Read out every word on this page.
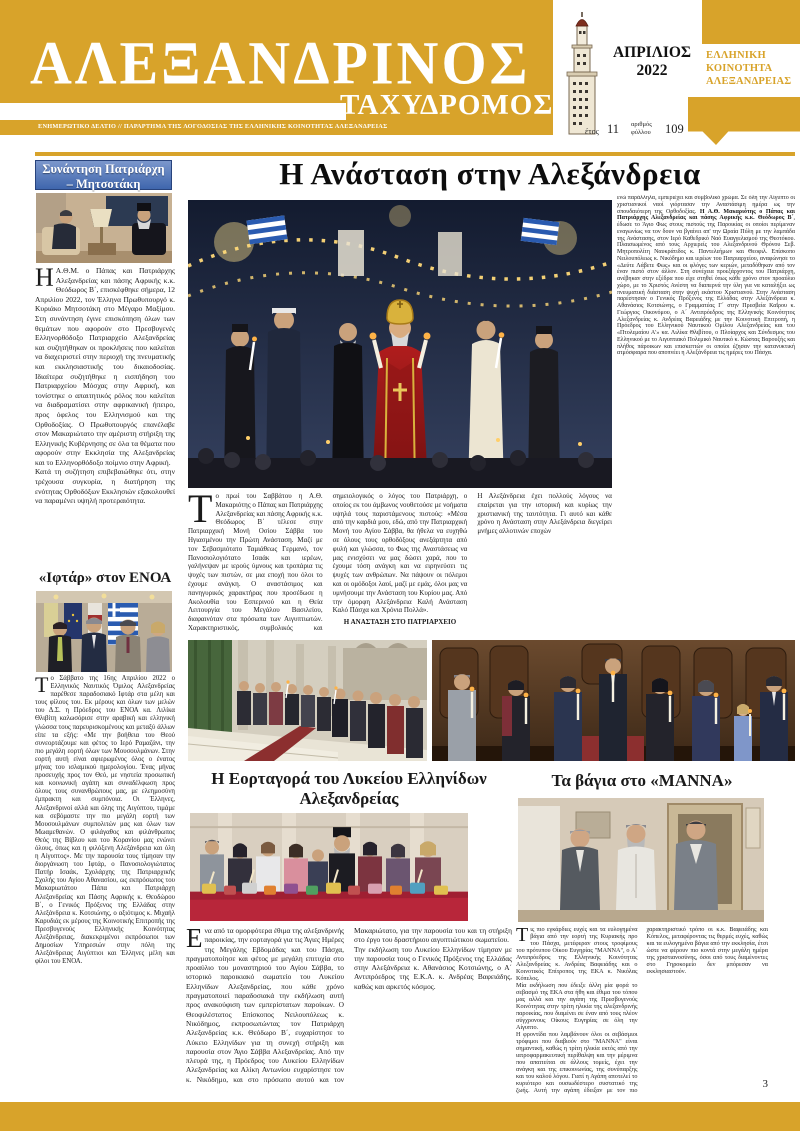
ΑΛΕΞΑΝΔΡΙΝΟΣ
ΤΑΧΥΔΡΟΜΟΣ
ΕΝΗΜΕΡΩΤΙΚΟ ΔΕΛΤΙΟ // ΠΑΡΑΡΤΗΜΑ ΤΗΣ ΛΟΓΟΔΟΣΙΑΣ ΤΗΣ ΕΛΛΗΝΙΚΗΣ ΚΟΙΝΟΤΗΤΑΣ ΑΛΕΞΑΝΔΡΕΙΑΣ
ΑΠΡΙΛΙΟΣ
2022
έτος 11 αριθμός
φύλλου 109
ΕΛΛΗΝΙΚΗ
ΚΟΙΝΟΤΗΤΑ
ΑΛΕΞΑΝΔΡΕΙΑΣ
Συνάντηση Πατριάρχη
– Μητσοτάκη

Η Α.Θ.Μ. ο Πάπας και Πατριάρχης Αλεξανδρείας και πάσης Αφρικής κ.κ. Θεόδωρος Β΄, επισκέφθηκε σήμερα, 12 Απριλίου 2022, τον Έλληνα Πρωθυπουργό κ. Κυριάκο Μητσοτάκη στο Μέγαρο Μαξίμου. Στη συνάντηση έγινε επισκόπηση όλων των θεμάτων που αφορούν στο Πρεσβυγενές Ελληνορθόδοξο Πατριαρχείο Αλεξανδρείας και συζητήθηκαν οι προκλήσεις που καλείται να διαχειριστεί στην περιοχή της πνευματικής και εκκλησιαστικής του δικαιοδοσίας. Ιδιαίτερα συζητήθηκε η εισπήδηση του Πατριαρχείου Μόσχας στην Αφρική, και τονίστηκε ο απαιτητικός ρόλος που καλείται να διαδραματίσει στην αφρικανική ήπειρο, προς όφελος του Ελληνισμού και της Ορθοδοξίας. Ο Πρωθυπουργός επανέλαβε στον Μακαριώτατο την αμέριστη στήριξη της Ελληνικής Κυβέρνησης σε όλα τα θέματα που αφορούν στην Εκκλησία της Αλεξανδρείας και το Ελληνορθόδοξο ποίμνιο στην Αφρική.

Κατά τη συζήτηση επιβεβαιώθηκε ότι, στην τρέχουσα συγκυρία, η διατήρηση της ενότητας Ορθοδόξων Εκκλησιών εξακολουθεί να παραμένει υψηλή προτεραιότητα.

«Ιφτάρ» στον ΕΝΟΑ

Το Σάββατο της 16ης Απριλίου 2022 ο Ελληνικός Ναυτικός Όμιλος Αλεξανδρείας παρέθεσε παραδοσιακό Ιφτάρ στα μέλη και τους φίλους του. Εκ μέρους και όλων των μελών του Δ.Σ. η Πρόεδρος του ΕΝΟΑ κα. Λιλίκα Θλιβίτη καλωσόρισε στην αραβική και ελληνική γλώσσα τους παρευρισκομένους και μεταξύ άλλων είπε τα εξής: «Με την βοήθεια του Θεού συνεορτάζουμε και φέτος το Ιερό Ραμαζάνι, την πιο μεγάλη εορτή όλων των Μουσουλμάνων. Στην εορτή αυτή είναι αφιερωμένος όλος ο ένατος μήνας του ισλαμικού ημερολογίου. Ένας μήνας προσευχής προς τον Θεό, με νηστεία προσωπική και κοινωνική αγάπη και συναδέλφωση προς όλους τους συνανθρώπους μας, με ελεημοσύνη έμπρακτη και συμπόνοια. Οι Έλληνες, Αλεξανδρινοί αλλά και όλης της Αιγύπτου, τιμάμε και σεβόμαστε την πιο μεγάλη εορτή των Μουσουλμάνων συμπολιτών μας και όλων των Μωαμεθανών. Ο φιλάγαθος και φιλάνθρωπος Θεός της Βίβλου και του Κορανίου μας ενώνει όλους, όπως και η φιλόξενη Αλεξάνδρεια και όλη η Αίγυπτος». Με την παρουσία τους τίμησαν την διοργάνωση του Ιφτάρ, ο Πανοσιολογιώτατος Πατήρ Ισαάκ, Σχολάρχης της Πατριαρχικής Σχολής του Αγίου Αθανασίου, ως εκπρόσωπος του Μακαριωτάτου Πάπα και Πατριάρχη Αλεξανδρείας και Πάσης Αφρικής κ. Θεοδώρου Β΄, ο Γενικός Πρόξενος της Ελλάδας στην Αλεξάνδρεια κ. Κοτσιώνης, ο αξιότιμος κ. Μιχαήλ Καρυδιάς εκ μέρους της Κοινοτικής Επιτροπής της Πρεσβυγενούς Ελληνικής Κοινότητας Αλεξάνδρειας, διακεκριμένοι εκπρόσωποι των Δημοσίων Υπηρεσιών στην πόλη της Αλεξάνδρειας Αιγύπτιοι και Έλληνες μέλη και φίλοι του ΕΝΟΑ.

Η Ανάσταση στην Αλεξάνδρεια

Το πρωί του Σαββάτου η Α.Θ. Μακαριότης ο Πάπας και Πατριάρχης Αλεξανδρείας και πάσης Αφρικής κ.κ. Θεόδωρος Β΄ τέλεσε στην Πατριαρχική Μονή Οσίου Σάββα του Ηγιασμένου την Πρώτη Ανάσταση. Μαζί με τον Σεβασμιότατο Ταμιάθεως Γερμανό, τον Πανοσιολογιότατο Ισαάκ και ιερέων, γαλήνεψαν με ιερούς ύμνους και τροπάρια τις ψυχές των πιστών, σε μια εποχή που όλοι το έχουμε ανάγκη. Ο αναστάσιμος και πανηγυρικός χαρακτήρας που προσέδωσε η Ακολουθία του Εσπερινού και η Θεία Λειτουργία του Μεγάλου Βασιλείου, διαφαινόταν στα πρόσωπα των Αιγυπτιωτών. Χαρακτηριστικός, συμβολικός και σημειολογικός ο λόγος του Πατριάρχη, ο οποίος εκ του άμβωνος νουθετούσε με νοήματα υψηλά τους παριστάμενους πιστούς: «Μέσα από την καρδιά μου, εδώ, από την Πατριαρχική Μονή του Αγίου Σάββα, θα ήθελα να ευχηθώ σε όλους τους ορθοδόξους ανεξάρτητα από φυλή και γλώσσα, το Φως της Αναστάσεως να μας ενισχύσει να μας δώσει χαρά, που το έχουμε τόση ανάγκη και να ειρηνεύσει τις ψυχές των ανθρώπων. Να πάψουν οι πόλεμοι και οι ομόδοξοι λαοί, μαζί με εμάς, όλοι μας να υμνήσουμε την Ανάσταση του Κυρίου μας. Από την όμορφη Αλεξάνδρεια Καλή Ανάσταση Καλό Πάσχα και Χρόνια Πολλά».

Η ΑΝΑΣΤΑΣΗ ΣΤΟ ΠΑΤΡΙΑΡΧΕΙΟ

Η Αλεξάνδρεια έχει πολλούς λόγους να επαίρεται για την ιστορική και κυρίως την χριστιανική της ταυτότητα. Γι αυτό και κάθε χρόνο η Ανάσταση στην Αλεξάνδρεια διεγείρει μνήμες αλλοτινών εποχών

ενώ παράλληλα, εμπεριέχει και συμβολικό χρώμα. Σε όλη την Αίγυπτο οι χριστιανικοί ναοί γιόρτασαν την Αναστάσιμη ημέρα ως την σπουδαιότερη της Ορθοδοξίας. Η Α.Θ. Μακαριότης ο Πάπας και Πατριάρχης Αλεξανδρείας και πάσης Αφρικής κ.κ. Θεόδωρος Β΄, έδωσε το Άγιο Φως στους πιστούς της Παροικίας οι οποίοι περίμεναν εναγωνίως να τον δουν να βγαίνει απ' την Ωραία Πύλη με την λαμπάδα της Ανάστασης, στον Ιερό Καθεδρικό Ναό Ευαγγελισμού της Θεοτόκου. Πλαισιωμένος από τους Αρχιερείς του Αλεξανδρινού Θρόνου Σεβ. Μητροπολίτη Ναυκράτιδος κ. Παντελεήμων και Θεοφιλ. Επίσκοπο Νειλουπόλεως κ. Νικόδημο και ιερέων του Πατριαρχείου, αναφώνησε το «Δεύτε Λάβετε Φως» και οι φλόγες των κεριών, μεταδόθηκαν από τον έναν πιστό στον άλλον. Στη συνέχεια προεξάρχοντος του Πατριάρχη, ανέβηκαν στην εξέδρα που είχε στηθεί όπως κάθε χρόνο στον προαύλιο χώρο, με το Χριστός Ανέστη να διαπερνά την ύλη για να καταλήξει ως πνευματική διάσταση στην ψυχή εκάστου Χριστιανού. Στην Ανάσταση παρέστησαν ο Γενικός Πρόξενος της Ελλάδας στην Αλεξάνδρεια κ. Αθανάσιος Κοτσιώνης, ο Γραμματέας Γ΄ στην Πρεσβεία Καΐρου κ. Γεώργιος Οικονόμου, ο Α΄ Αντιπρόεδρος της Ελληνικής Κοινότητος Αλεξανδρείας κ. Ανδρέας Βαρειάδης με την Κοινοτική Επιτροπή, η Πρόεδρος του Ελληνικού Ναυτικού Ομίλου Αλεξανδρείας και του «Πτολεμαίου Α'» κα. Λιλίκα Θλιβίτου, ο Πλοίαρχος και Σύνδεσμος του Ελληνικού με το Αιγυπτιακό Πολεμικό Ναυτικό κ. Κώστας Βαρουξής και πλήθος πάροικων και επισκεπτών οι οποίοι έζησαν την κατανυκτική ατμόσφαιρα που αποπνέει η Αλεξάνδρεια τις ημέρες του Πάσχα.

Η Εορταγορά του Λυκείου Ελληνίδων
Αλεξανδρείας

Ενα από τα ομορφότερα έθιμα της αλεξανδρινής παροικίας, την εορταγορά για τις Άγιες Ημέρες της Μεγάλης Εβδομάδας και του Πάσχα, πραγματοποίησε και φέτος με μεγάλη επιτυχία στο προαύλιο του μοναστηριού του Αγίου Σάββα, το ιστορικό παροικιακό σωματείο του Λυκείου Ελληνίδων Αλεξανδρείας, που κάθε χρόνο πραγματοποιεί παραδοσιακά την εκδήλωση αυτή προς ανακούφιση των εμπερίστατων παροίκων. Ο Θεοφιλέστατος Επίσκοπος Νειλουπόλεως κ. Νικόδημος, εκπροσωπώντας τον Πατριάρχη Αλεξανδρείας κ.κ. Θεόδωρο Β΄, ευχαρίστησε το Λύκειο Ελληνίδων για τη συνεχή στήριξη και παρουσία στον Άγιο Σάββα Αλεξανδρείας. Από την πλευρά της, η Πρόεδρος του Λυκείου Ελληνίδων Αλεξανδρείας κα Αλίκη Αντωνίου ευχαρίστησε τον κ. Νικόδημο, και στο πρόσωπο αυτού και τον Μακαριώτατο, για την παρουσία του και τη στήριξη στο έργο του δραστήριου αιγυπτιώτικου σωματείου.

Την εκδήλωση του Λυκείου Ελληνίδων τίμησαν με την παρουσία τους ο Γενικός Πρόξενος της Ελλάδας στην Αλεξάνδρεια κ. Αθανάσιος Κοτσιώνης, ο Α΄ Αντιπρόεδρος της Ε.Κ.Α. κ. Ανδρέας Βαφειάδης, καθώς και αρκετός κόσμος.

Τα βάγια στο «ΜΑΝΝΑ»

Τις πιο εγκάρδιες ευχές και τα ευλογημένα βάγια από την εορτή της Κυριακής προ του Πάσχα, μετέφεραν στους τροφίμους του πρότυπου Οίκου Ευγηρίας "ΜΑΝΝΑ", ο Α΄ Αντιπρόεδρος της Ελληνικής Κοινότητας Αλεξανδρείας κ. Ανδρέας Βαφειάδης και ο Κοινοτικός Επίτροπος της ΕΚΑ κ. Νικόλας Κόπελος.

Μία εκδήλωση που έδειξε άλλη μία φορά το σεβασμό της ΕΚΑ στα ήθη και έθιμα του τόπου μας αλλά και την αγάπη της Πρεσβυγενούς Κοινότητας στην τρίτη ηλικία της αλεξανδρινής παροικίας, που διαμένει σε έναν από τους πλέον σύγχρονους Οίκους Ευγηρίας σε όλη την Αίγυπτο.

Η φροντίδα που λαμβάνουν όλοι οι σεβάσμιοι τρόφιμοι που διαβιούν στο "ΜΑΝΝΑ" είναι σημαντική, καθώς η τρίτη ηλικία εκτός από την ιατροφαρμακευτική περίθαλψη και την μέριμνα που απαιτείται σε άλλους τομείς, έχει την ανάγκη και της επικοινωνίας, της συνύπαρξης και του καλού λόγου. Γιατί η Αγάπη αποτελεί το κυριότερο και ουσιωδέστερο συστατικό της ζωής. Αυτή την αγάπη έδειξαν με τον πιο χαρακτηριστικό τρόπο οι κ.κ. Βαφειάδης και Κόπελος, μεταφέροντας τις θερμές ευχές, καθώς και τα ευλογημένα βάγια από την εκκλησία, έτσι ώστε να φέρουν πιο κοντά στην μεγάλη ημέρα της χριστιανοσύνης, όσοι από τους διαμένοντες στο Γηροκομείο δεν μπόρεσαν να εκκλησιαστούν.

3
